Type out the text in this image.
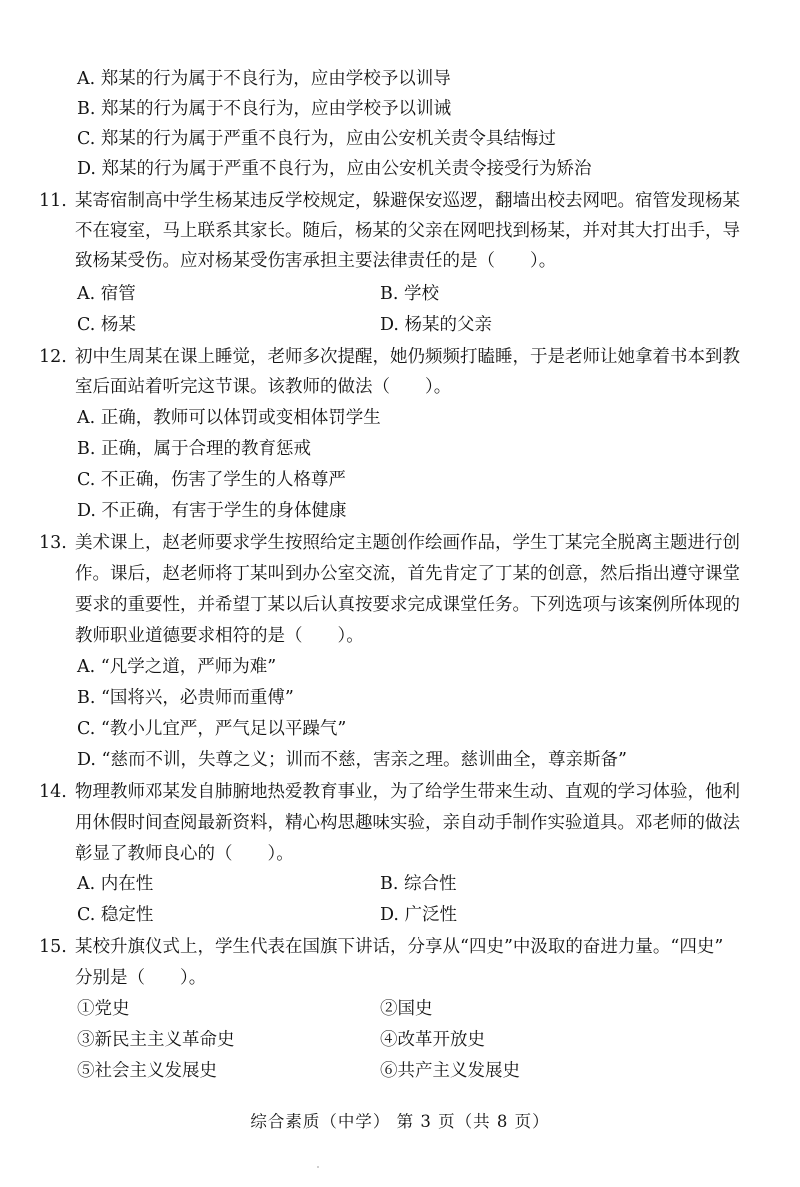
A. 郑某的行为属于不良行为，应由学校予以训导
B. 郑某的行为属于不良行为，应由学校予以训诫
C. 郑某的行为属于严重不良行为，应由公安机关责令具结悔过
D. 郑某的行为属于严重不良行为，应由公安机关责令接受行为矫治
11. 某寄宿制高中学生杨某违反学校规定，躲避保安巡逻，翻墙出校去网吧。宿管发现杨某
不在寝室，马上联系其家长。随后，杨某的父亲在网吧找到杨某，并对其大打出手，导
致杨某受伤。应对杨某受伤害承担主要法律责任的是（　　）。
A. 宿管	B. 学校
C. 杨某	D. 杨某的父亲
12. 初中生周某在课上睡觉，老师多次提醒，她仍频频打瞌睡，于是老师让她拿着书本到教
室后面站着听完这节课。该教师的做法（　　）。
A. 正确，教师可以体罚或变相体罚学生
B. 正确，属于合理的教育惩戒
C. 不正确，伤害了学生的人格尊严
D. 不正确，有害于学生的身体健康
13. 美术课上，赵老师要求学生按照给定主题创作绘画作品，学生丁某完全脱离主题进行创
作。课后，赵老师将丁某叫到办公室交流，首先肯定了丁某的创意，然后指出遵守课堂
要求的重要性，并希望丁某以后认真按要求完成课堂任务。下列选项与该案例所体现的
教师职业道德要求相符的是（　　）。
A. “凡学之道，严师为难”
B. “国将兴，必贵师而重傅”
C. “教小儿宜严，严气足以平躁气”
D. “慈而不训，失尊之义；训而不慈，害亲之理。慈训曲全，尊亲斯备”
14. 物理教师邓某发自肺腑地热爱教育事业，为了给学生带来生动、直观的学习体验，他利
用休假时间查阅最新资料，精心构思趣味实验，亲自动手制作实验道具。邓老师的做法
彰显了教师良心的（　　）。
A. 内在性	B. 综合性
C. 稳定性	D. 广泛性
15. 某校升旗仪式上，学生代表在国旗下讲话，分享从“四史”中汲取的奋进力量。“四史”
分别是（　　）。
①党史	②国史
③新民主主义革命史	④改革开放史
⑤社会主义发展史	⑥共产主义发展史
综合素质（中学） 第 3 页（共 8 页）
